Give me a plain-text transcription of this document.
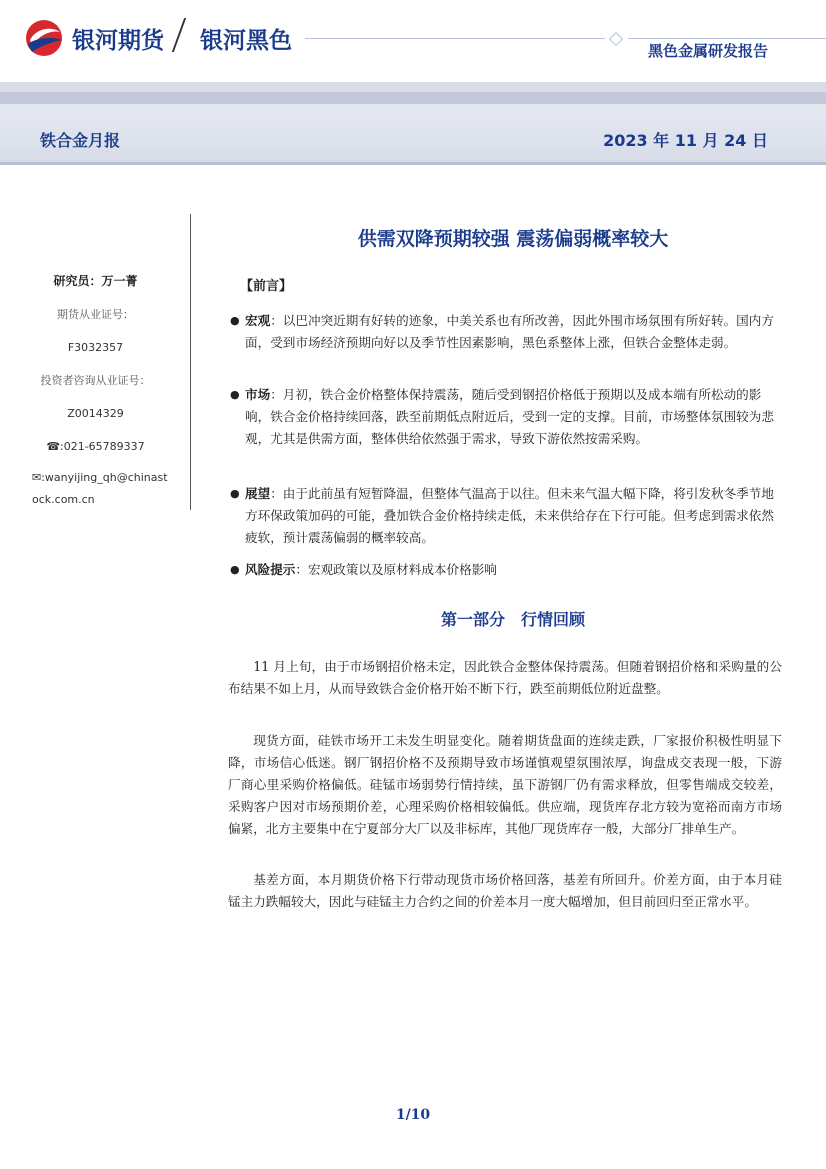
银河期货 银河黑色	黑色金属研发报告
铁合金月报	2023 年 11 月 24 日
研究员：万一菁
期货从业证号：
F3032357
投资者咨询从业证号：
Z0014329
☎:021-65789337
✉:wanyijing_qh@chinastock.com.cn
供需双降预期较强 震荡偏弱概率较大
【前言】
● 宏观：以巴冲突近期有好转的迹象，中美关系也有所改善，因此外围市场氛围有所好转。国内方面，受到市场经济预期向好以及季节性因素影响，黑色系整体上涨，但铁合金整体走弱。
● 市场：月初，铁合金价格整体保持震荡，随后受到钢招价格低于预期以及成本端有所松动的影响，铁合金价格持续回落，跌至前期低点附近后，受到一定的支撑。目前，市场整体氛围较为悲观，尤其是供需方面，整体供给依然强于需求，导致下游依然按需采购。
● 展望：由于此前虽有短暂降温，但整体气温高于以往。但未来气温大幅下降，将引发秋冬季节地方环保政策加码的可能，叠加铁合金价格持续走低，未来供给存在下行可能。但考虑到需求依然疲软，预计震荡偏弱的概率较高。
● 风险提示：宏观政策以及原材料成本价格影响
第一部分　行情回顾
11 月上旬，由于市场钢招价格未定，因此铁合金整体保持震荡。但随着钢招价格和采购量的公布结果不如上月，从而导致铁合金价格开始不断下行，跌至前期低位附近盘整。
现货方面，硅铁市场开工未发生明显变化。随着期货盘面的连续走跌，厂家报价积极性明显下降，市场信心低迷。钢厂钢招价格不及预期导致市场谨慎观望氛围浓厚，询盘成交表现一般，下游厂商心里采购价格偏低。硅锰市场弱势行情持续，虽下游钢厂仍有需求释放，但零售端成交较差，采购客户因对市场预期价差，心理采购价格相较偏低。供应端，现货库存北方较为宽裕而南方市场偏紧，北方主要集中在宁夏部分大厂以及非标库，其他厂现货库存一般，大部分厂排单生产。
基差方面，本月期货价格下行带动现货市场价格回落，基差有所回升。价差方面，由于本月硅锰主力跌幅较大，因此与硅锰主力合约之间的价差本月一度大幅增加，但目前回归至正常水平。
1/10
